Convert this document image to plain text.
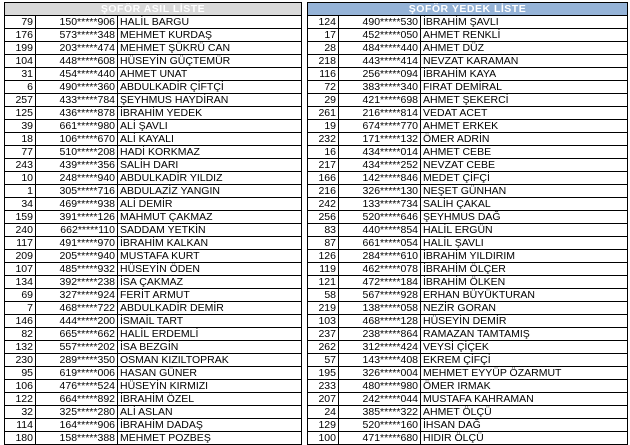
ŞOFÖR ASIL LİSTE		
79	150*****906	HALİL BARGU
176	573*****348	MEHMET KURDAŞ
199	203*****474	MEHMET ŞÜKRÜ CAN
104	448*****608	HÜSEYİN GÜÇTEMÜR
31	454*****440	AHMET UNAT
6	490*****360	ABDULKADİR ÇİFTÇİ
257	433*****784	ŞEYHMUS HAYDİRAN
125	436*****878	İBRAHİM YEDEK
39	661*****980	ALİ ŞAVLI
18	106*****670	ALİ KAYALI
77	510*****208	HADİ KORKMAZ
243	439*****356	SALİH DARI
10	248*****940	ABDULKADİR YILDIZ
1	305*****716	ABDULAZİZ YANGIN
34	469*****938	ALİ DEMİR
159	391*****126	MAHMUT ÇAKMAZ
240	662*****110	SADDAM YETKİN
117	491*****970	İBRAHİM KALKAN
209	205*****940	MUSTAFA KURT
107	485*****932	HÜSEYİN ÖDEN
134	392*****238	İSA ÇAKMAZ
69	327*****924	FERİT ARMUT
7	468*****722	ABDULKADİR DEMİR
146	444*****200	İSMAİL TART
82	665*****662	HALİL ERDEMLİ
132	557*****202	İSA BEZGİN
230	289*****350	OSMAN KIZILTOPRAK
95	619*****006	HASAN GÜNER
106	476*****524	HÜSEYİN KIRMIZI
122	664*****892	İBRAHİM ÖZEL
32	325*****280	ALİ ASLAN
114	164*****906	İBRAHİM DADAŞ
180	158*****388	MEHMET POZBEŞ
ŞOFÖR YEDEK LİSTE		
124	490*****530	İBRAHİM ŞAVLI
17	452*****050	AHMET RENKLİ
28	484*****440	AHMET DÜZ
218	443*****414	NEVZAT KARAMAN
116	256*****094	İBRAHİM KAYA
72	383*****340	FIRAT DEMİRAL
29	421*****698	AHMET ŞEKERCİ
261	216*****814	VEDAT ACET
19	674*****770	AHMET ERKEK
232	171*****132	ÖMER ADRİN
16	434*****014	AHMET CEBE
217	434*****252	NEVZAT CEBE
166	142*****846	MEDET ÇİFÇİ
216	326*****130	NEŞET GÜNHAN
242	133*****734	SALİH ÇAKAL
256	520*****646	ŞEYHMUS DAĞ
83	440*****854	HALİL ERGÜN
87	661*****054	HALİL ŞAVLI
126	284*****610	İBRAHİM YILDIRIM
119	462*****078	İBRAHİM ÖLÇER
121	472*****184	İBRAHİM ÖLKEN
58	567*****928	ERHAN BÜYÜKTURAN
219	138*****058	NEZİR GORAN
103	468*****128	HÜSEYİN DEMİR
237	238*****864	RAMAZAN TAMTAMIŞ
262	312*****424	VEYSİ ÇİÇEK
57	143*****408	EKREM ÇİFÇİ
195	326*****004	MEHMET EYYÜP ÖZARMUT
233	480*****980	ÖMER IRMAK
207	242*****044	MUSTAFA KAHRAMAN
24	385*****322	AHMET ÖLÇÜ
129	520*****160	İHSAN DAĞ
100	471*****680	HIDIR ÖLÇÜ
